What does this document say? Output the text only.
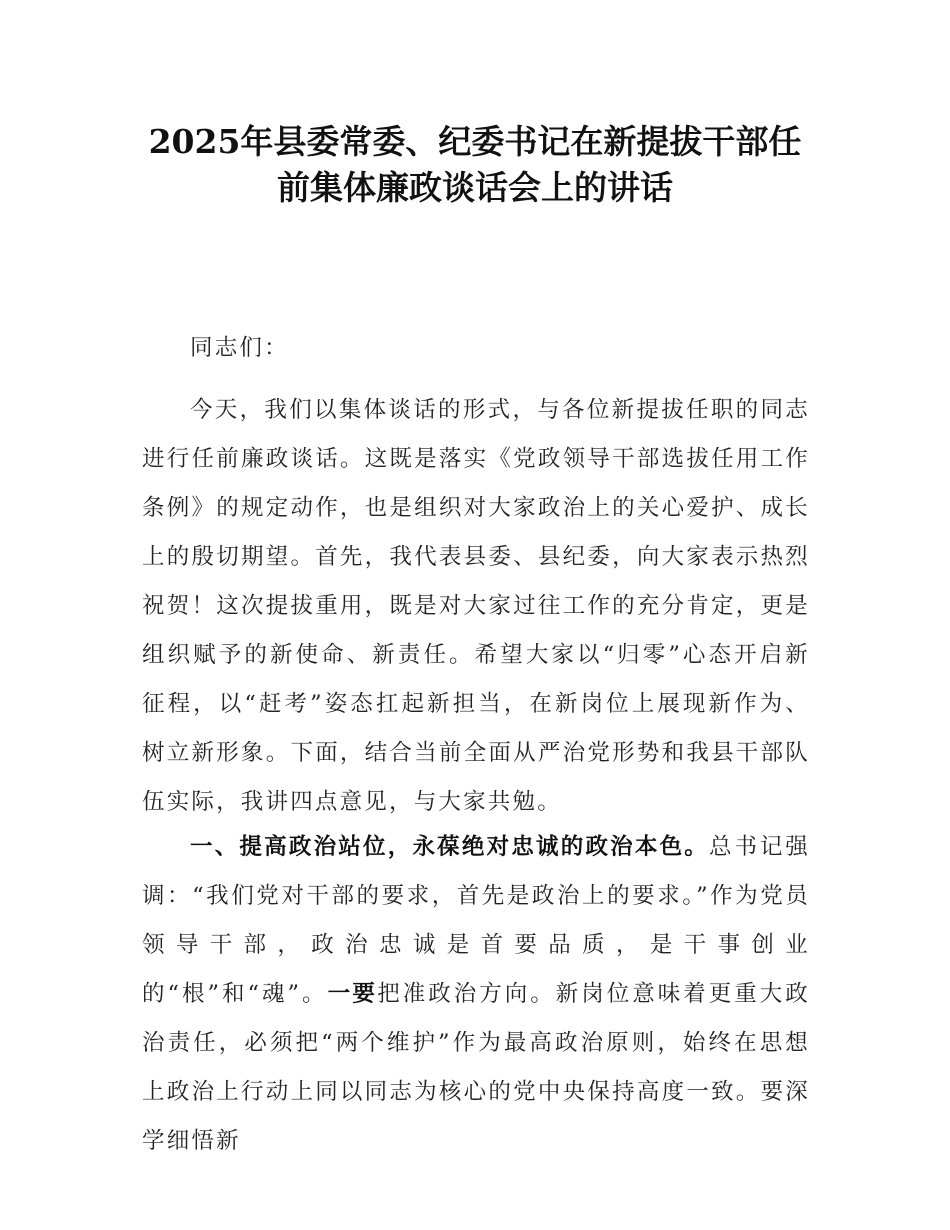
2025年县委常委、纪委书记在新提拔干部任
前集体廉政谈话会上的讲话

同志们：

今天，我们以集体谈话的形式，与各位新提拔任职的同志进行任前廉政谈话。这既是落实《党政领导干部选拔任用工作条例》的规定动作，也是组织对大家政治上的关心爱护、成长上的殷切期望。首先，我代表县委、县纪委，向大家表示热烈祝贺！这次提拔重用，既是对大家过往工作的充分肯定，更是组织赋予的新使命、新责任。希望大家以“归零”心态开启新征程，以“赶考”姿态扛起新担当，在新岗位上展现新作为、树立新形象。下面，结合当前全面从严治党形势和我县干部队伍实际，我讲四点意见，与大家共勉。

一、提高政治站位，永葆绝对忠诚的政治本色。总书记强调：“我们党对干部的要求，首先是政治上的要求。”作为党员领导干部，政治忠诚是首要品质，是干事创业的“根”和“魂”。一要把准政治方向。新岗位意味着更重大政治责任，必须把“两个维护”作为最高政治原则，始终在思想上政治上行动上同以同志为核心的党中央保持高度一致。要深学细悟新
